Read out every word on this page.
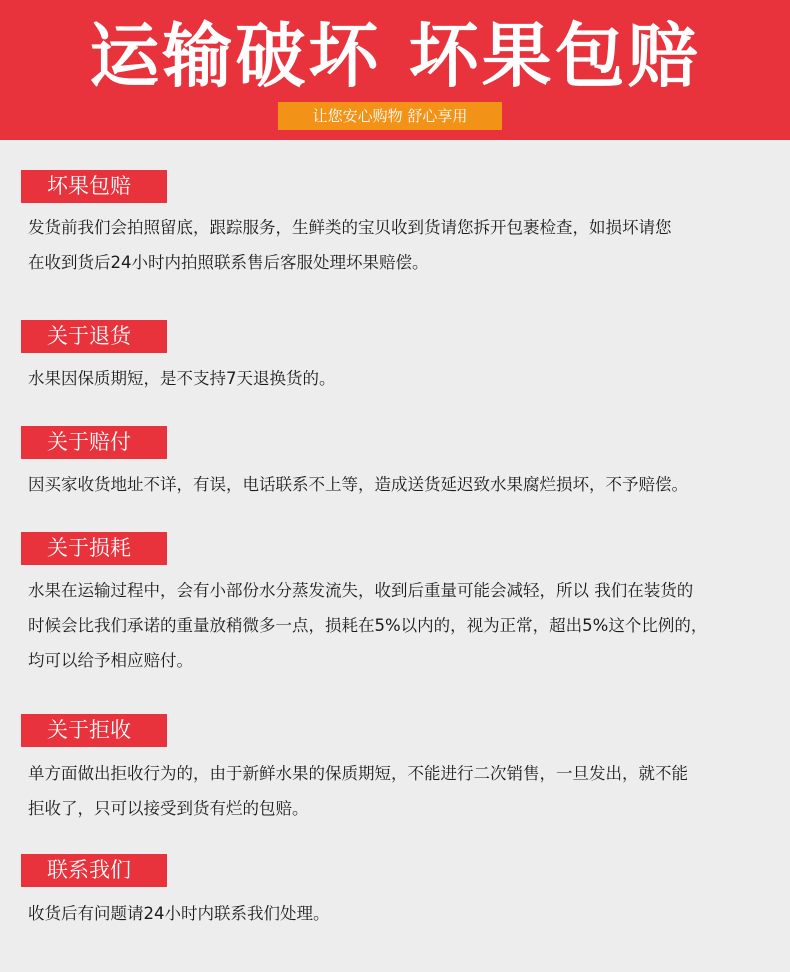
运输破坏 坏果包赔
让您安心购物 舒心享用
坏果包赔

发货前我们会拍照留底，跟踪服务，生鲜类的宝贝收到货请您拆开包裹检查，如损坏请您

在收到货后24小时内拍照联系售后客服处理坏果赔偿。

关于退货

水果因保质期短，是不支持7天退换货的。

关于赔付

因买家收货地址不详，有误，电话联系不上等，造成送货延迟致水果腐烂损坏，不予赔偿。

关于损耗

水果在运输过程中，会有小部份水分蒸发流失，收到后重量可能会减轻，所以 我们在装货的

时候会比我们承诺的重量放稍微多一点，损耗在5%以内的，视为正常，超出5%这个比例的，

均可以给予相应赔付。

关于拒收

单方面做出拒收行为的，由于新鲜水果的保质期短，不能进行二次销售，一旦发出，就不能

拒收了，只可以接受到货有烂的包赔。

联系我们

收货后有问题请24小时内联系我们处理。
